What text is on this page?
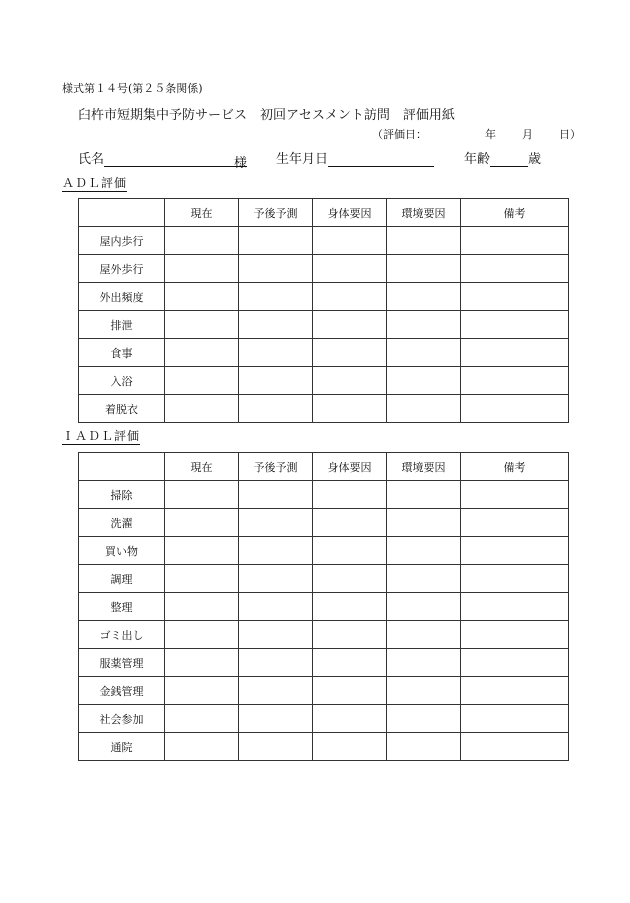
様式第１４号(第２５条関係)
臼杵市短期集中予防サービス　初回アセスメント訪問　評価用紙
（評価日：	年 月 日）
氏名	様 生年月日	年齢	歳
ＡＤＬ評価
	現在	予後予測	身体要因	環境要因	備考
屋内歩行					
屋外歩行					
外出頻度					
排泄					
食事					
入浴					
着脱衣					
ＩＡＤＬ評価
	現在	予後予測	身体要因	環境要因	備考
掃除					
洗濯					
買い物					
調理					
整理					
ゴミ出し					
服薬管理					
金銭管理					
社会参加					
通院					
